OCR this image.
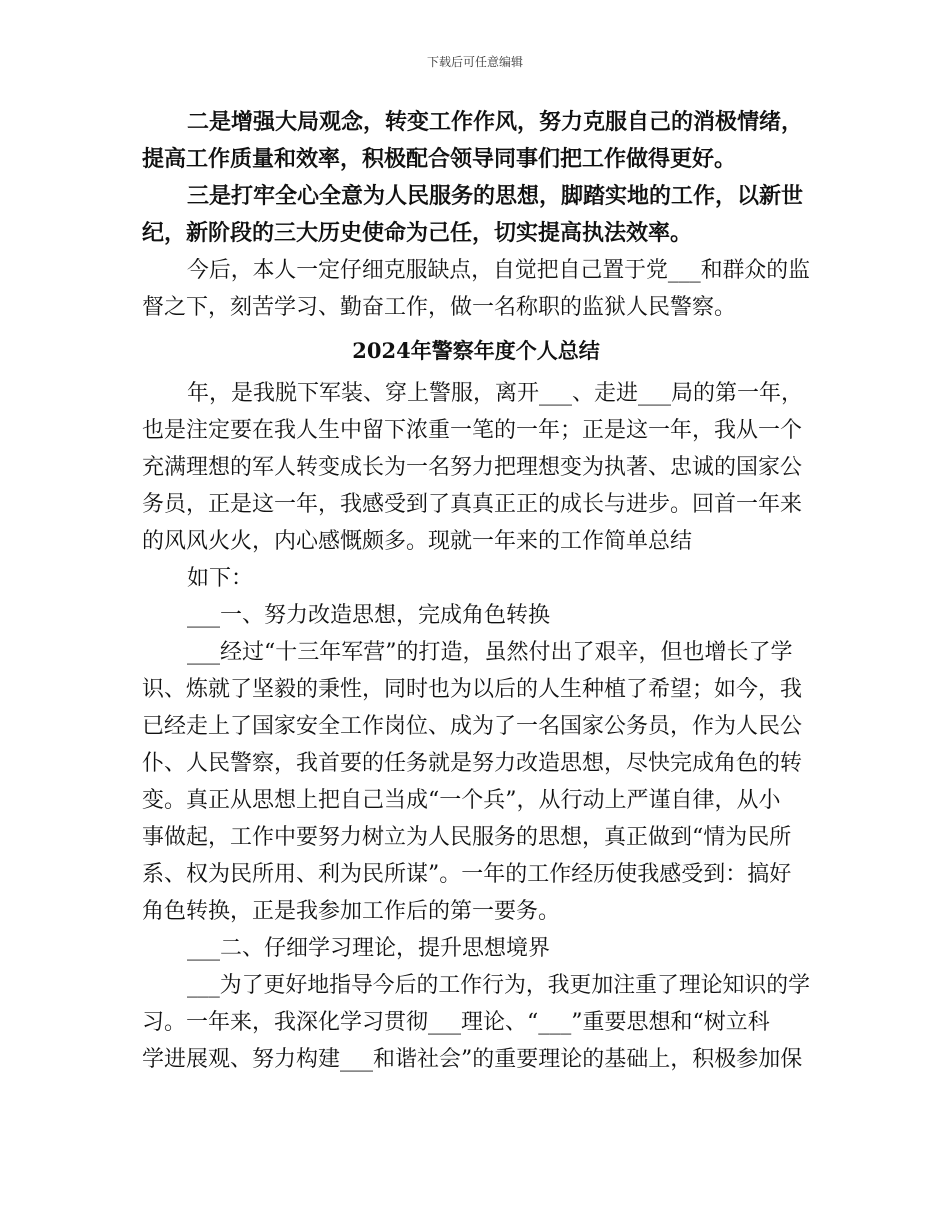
下载后可任意编辑
二是增强大局观念，转变工作作风，努力克服自己的消极情绪，
提高工作质量和效率，积极配合领导同事们把工作做得更好。
三是打牢全心全意为人民服务的思想，脚踏实地的工作，以新世
纪，新阶段的三大历史使命为己任，切实提高执法效率。
今后，本人一定仔细克服缺点，自觉把自己置于党___和群众的监
督之下，刻苦学习、勤奋工作，做一名称职的监狱人民警察。
2024年警察年度个人总结
年，是我脱下军装、穿上警服，离开___、走进___局的第一年，
也是注定要在我人生中留下浓重一笔的一年；正是这一年，我从一个
充满理想的军人转变成长为一名努力把理想变为执著、忠诚的国家公
务员，正是这一年，我感受到了真真正正的成长与进步。回首一年来
的风风火火，内心感慨颇多。现就一年来的工作简单总结
如下：
___一、努力改造思想，完成角色转换
___经过“十三年军营”的打造，虽然付出了艰辛，但也增长了学
识、炼就了坚毅的秉性，同时也为以后的人生种植了希望；如今，我
已经走上了国家安全工作岗位、成为了一名国家公务员，作为人民公
仆、人民警察，我首要的任务就是努力改造思想，尽快完成角色的转
变。真正从思想上把自己当成“一个兵”，从行动上严谨自律，从小
事做起，工作中要努力树立为人民服务的思想，真正做到“情为民所
系、权为民所用、利为民所谋”。一年的工作经历使我感受到：搞好
角色转换，正是我参加工作后的第一要务。
___二、仔细学习理论，提升思想境界
___为了更好地指导今后的工作行为，我更加注重了理论知识的学
习。一年来，我深化学习贯彻___理论、“___”重要思想和“树立科
学进展观、努力构建___和谐社会”的重要理论的基础上，积极参加保
